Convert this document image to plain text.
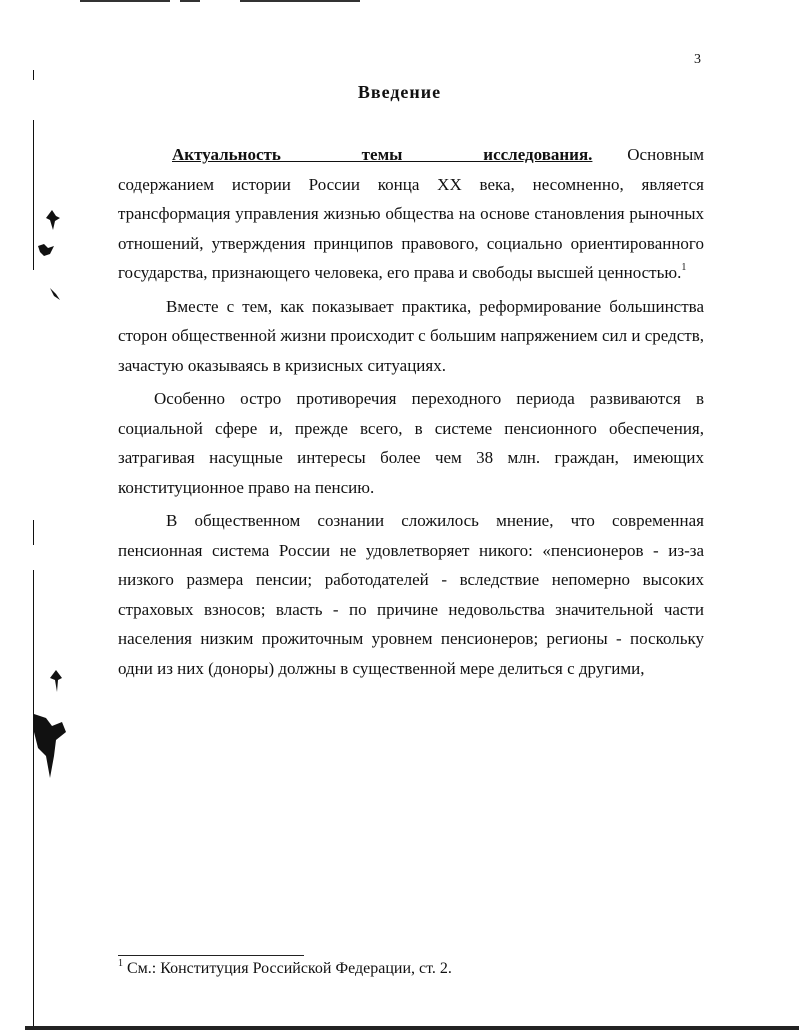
3
Введение

Актуальность темы исследования. Основным содержанием истории России конца XX века, несомненно, является трансформация управления жизнью общества на основе становления рыночных отношений, утверждения принципов правового, социально ориентированного государства, признающего человека, его права и свободы высшей ценностью.$^1$

Вместе с тем, как показывает практика, реформирование большинства сторон общественной жизни происходит с большим напряжением сил и средств, зачастую оказываясь в кризисных ситуациях.

Особенно остро противоречия переходного периода развиваются в социальной сфере и, прежде всего, в системе пенсионного обеспечения, затрагивая насущные интересы более чем 38 млн. граждан, имеющих конституционное право на пенсию.

В общественном сознании сложилось мнение, что современная пенсионная система России не удовлетворяет никого: «пенсионеров - из-за низкого размера пенсии; работодателей - вследствие непомерно высоких страховых взносов; власть - по причине недовольства значительной части населения низким прожиточным уровнем пенсионеров; регионы - поскольку одни из них (доноры) должны в существенной мере делиться с другими,

$^1$ См.: Конституция Российской Федерации, ст. 2.
